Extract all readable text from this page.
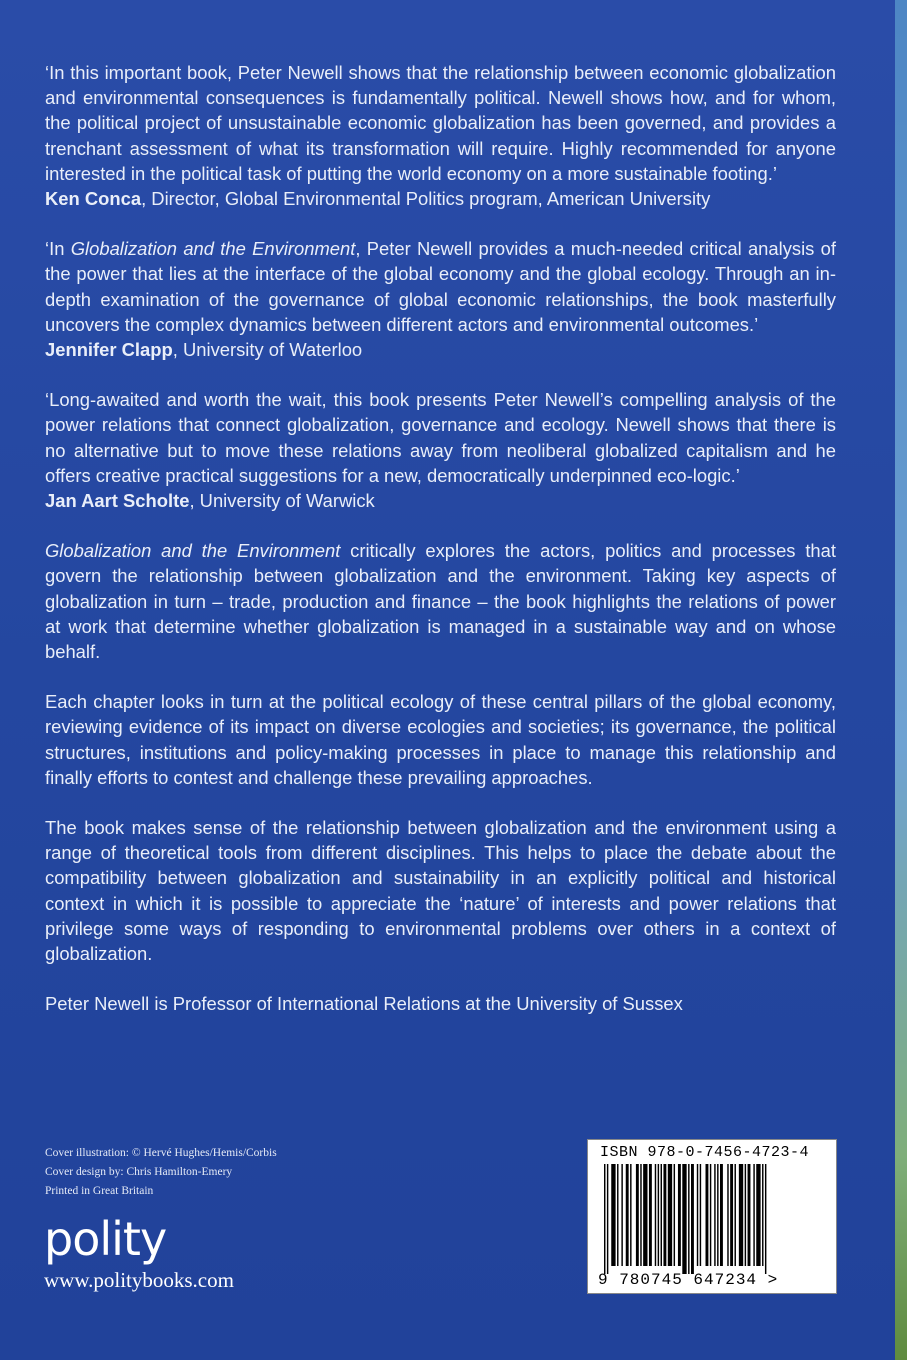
‘In this important book, Peter Newell shows that the relationship between economic globalization and environmental consequences is fundamentally political. Newell shows how, and for whom, the political project of unsustainable economic globalization has been governed, and provides a trenchant assessment of what its transformation will require. Highly recommended for anyone interested in the political task of putting the world economy on a more sustainable footing.’

Ken Conca, Director, Global Environmental Politics program, American University

‘In Globalization and the Environment, Peter Newell provides a much-needed critical analysis of the power that lies at the interface of the global economy and the global ecology. Through an in-depth examination of the governance of global economic relationships, the book masterfully uncovers the complex dynamics between different actors and environmental outcomes.’

Jennifer Clapp, University of Waterloo

‘Long-awaited and worth the wait, this book presents Peter Newell’s compelling analysis of the power relations that connect globalization, governance and ecology. Newell shows that there is no alternative but to move these relations away from neoliberal globalized capitalism and he offers creative practical suggestions for a new, democratically underpinned eco-logic.’

Jan Aart Scholte, University of Warwick

Globalization and the Environment critically explores the actors, politics and processes that govern the relationship between globalization and the environment. Taking key aspects of globalization in turn – trade, production and finance – the book highlights the relations of power at work that determine whether globalization is managed in a sustainable way and on whose behalf.

Each chapter looks in turn at the political ecology of these central pillars of the global economy, reviewing evidence of its impact on diverse ecologies and societies; its governance, the political structures, institutions and policy-making processes in place to manage this relationship and finally efforts to contest and challenge these prevailing approaches.

The book makes sense of the relationship between globalization and the environment using a range of theoretical tools from different disciplines. This helps to place the debate about the compatibility between globalization and sustainability in an explicitly political and historical context in which it is possible to appreciate the ‘nature’ of interests and power relations that privilege some ways of responding to environmental problems over others in a context of globalization.

Peter Newell is Professor of International Relations at the University of Sussex

Cover illustration: © Hervé Hughes/Hemis/Corbis
Cover design by: Chris Hamilton-Emery
Printed in Great Britain
polity
www.politybooks.com
ISBN 978-0-7456-4723-4
9 780745 647234 >
